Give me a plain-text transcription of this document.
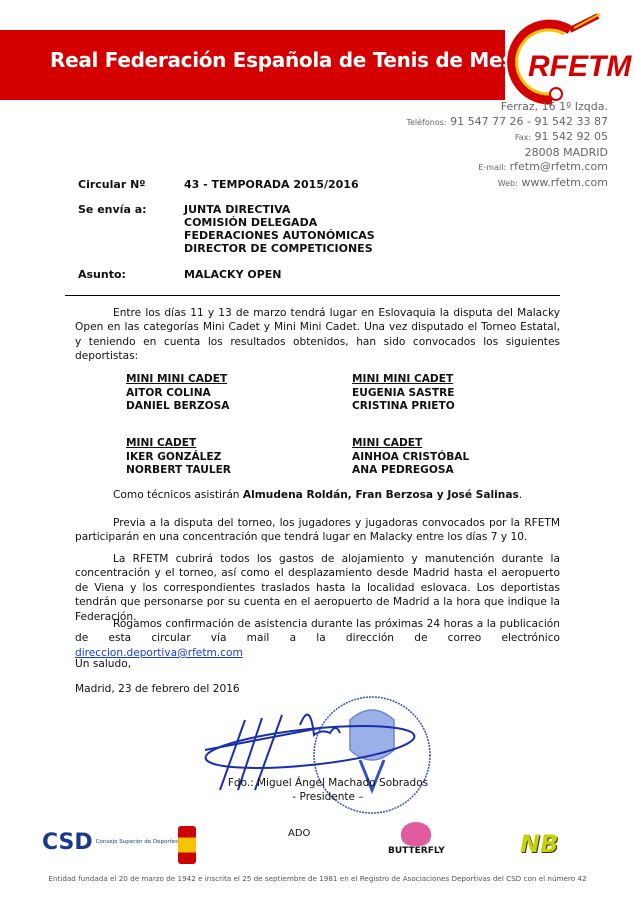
Real Federación Española de Tenis de Mesa RFETM
Ferraz, 16 1º Izqda.
Teléfonos: 91 547 77 26 - 91 542 33 87
Fax: 91 542 92 05
28008 MADRID
E-mail: rfetm@rfetm.com
Web: www.rfetm.com
Circular Nº	43 - TEMPORADA 2015/2016
Se envía a:	JUNTA DIRECTIVA
COMISIÓN DELEGADA
FEDERACIONES AUTONÓMICAS
DIRECTOR DE COMPETICIONES
Asunto:	MALACKY OPEN
Entre los días 11 y 13 de marzo tendrá lugar en Eslovaquia la disputa del Malacky Open en las categorías Mini Cadet y Mini Mini Cadet. Una vez disputado el Torneo Estatal, y teniendo en cuenta los resultados obtenidos, han sido convocados los siguientes deportistas:
MINI MINI CADET
AITOR COLINA
DANIEL BERZOSA
MINI MINI CADET
EUGENIA SASTRE
CRISTINA PRIETO
MINI CADET
IKER GONZÁLEZ
NORBERT TAULER
MINI CADET
AINHOA CRISTÓBAL
ANA PEDREGOSA
Como técnicos asistirán Almudena Roldán, Fran Berzosa y José Salinas.
Previa a la disputa del torneo, los jugadores y jugadoras convocados por la RFETM participarán en una concentración que tendrá lugar en Malacky entre los días 7 y 10.
La RFETM cubrirá todos los gastos de alojamiento y manutención durante la concentración y el torneo, así como el desplazamiento desde Madrid hasta el aeropuerto de Viena y los correspondientes traslados hasta la localidad eslovaca. Los deportistas tendrán que personarse por su cuenta en el aeropuerto de Madrid a la hora que indique la Federación.
Rogamos confirmación de asistencia durante las próximas 24 horas a la publicación de esta circular vía mail a la dirección de correo electrónico direccion.deportiva@rfetm.com
Un saludo,
Madrid, 23 de febrero del 2016
Fdo.: Miguel Ángel Machado Sobrados
- Presidente –
CSD Consejo Superior de Deportes
ADO
BUTTERFLY	NB
Entidad fundada el 20 de marzo de 1942 e inscrita el 25 de septiembre de 1981 en el Registro de Asociaciones Deportivas del CSD con el número 42
